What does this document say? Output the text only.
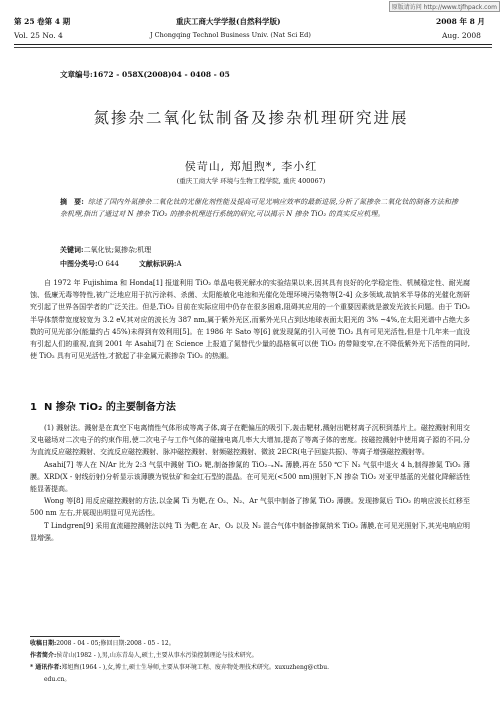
原版请访问 http://www.tjfhpack.com
第 25 卷第 4 期
Vol. 25 No. 4
重庆工商大学学报(自然科学版)
J Chongqing Technol Business Univ. (Nat Sci Ed)
2008 年 8 月
Aug. 2008
文章编号:1672 - 058X(2008)04 - 0408 - 05
氮掺杂二氧化钛制备及掺杂机理研究进展
侯苛山, 郑旭煦*, 李小红
(重庆工商大学 环境与生物工程学院, 重庆 400067)
摘　要: 综述了国内外氮掺杂二氧化钛的光催化剂性能及提高可见光响应效率的最新进展,分析了氮掺杂二氧化钛的制备方法和掺杂机理,指出了通过对 N 掺杂 TiO₂ 的掺杂机理进行系统的研究,可以揭示 N 掺杂 TiO₂ 的真实反应机理。
关键词:二氧化钛;氮掺杂;机理
中图分类号:O 644	文献标识码:A

自 1972 年 Fujishima 和 Honda[1] 报道利用 TiO₂ 单晶电极光解水的实验结果以来,因其具有良好的化学稳定性、机械稳定性、耐光腐蚀、低廉无毒等特性,被广泛地应用于抗污涂料、杀菌、太阳能敏化电池和光催化处理环境污染物等[2-4] 众多领域,故钠米半导体的光催化剂研究引起了世界各国学者的广泛关注。但是,TiO₂ 目前在实际应用中仍存在很多困难,阻碍其应用的一个重要因素就是激发光波长问题。由于 TiO₂ 半导体禁带宽度较宽为 3.2 eV,其对应的波长为 387 nm,属于紫外光区,而紫外光只占到达地球表面太阳光的 3% ~4%,在太阳光谱中占绝大多数的可见光部分(能量约占 45%)未得到有效利用[5]。在 1986 年 Sato 等[6] 就发现氮的引入可使 TiO₂ 具有可见光活性,但是十几年来一直没有引起人们的重视,直到 2001 年 Asahi[7] 在 Science 上报道了氮替代少量的晶格氧可以使 TiO₂ 的带隙变窄,在不降低紫外光下活性的同时,使 TiO₂ 具有可见光活性,才掀起了非金属元素掺杂 TiO₂ 的热潮。

1 N 掺杂 TiO₂ 的主要制备方法

(1) 溅射法。溅射是在真空下电离惰性气体形成等离子体,离子在靶偏压的吸引下,轰击靶材,溅射出靶材离子沉积到基片上。磁控溅射利用交叉电磁场对二次电子的约束作用,使二次电子与工作气体的碰撞电离几率大大增加,提高了等离子体的密度。按磁控溅射中使用离子源的不同,分为直流反应磁控溅射、交流反应磁控溅射、脉冲磁控溅射、射频磁控溅射、微波 2ECR(电子回旋共振)、等离子增强磁控溅射等。

Asahi[7] 等人在 N/Ar 比为 2:3 气氛中溅射 TiO₂ 靶,制备掺氮的 TiO₂₋ₓNₓ 薄膜,再在 550 ℃下 N₂ 气氛中退火 4 h,制得掺氮 TiO₂ 薄膜。XRD(X - 射线衍射)分析显示该薄膜为锐钛矿和金红石型的混晶。在可见光(<500 nm)照射下,N 掺杂 TiO₂ 对亚甲基蓝的光催化降解活性能显著提高。

Wong 等[8] 用反应磁控溅射的方法,以金属 Ti 为靶,在 O₂、N₂、Ar 气氛中制备了掺氮 TiO₂ 薄膜。发现掺氮后 TiO₂ 的响应波长红移至 500 nm 左右,并展现出明显可见光活性。

T Lindgren[9] 采用直流磁控溅射法以纯 Ti 为靶,在 Ar、O₂ 以及 N₂ 混合气体中制备掺氮纳米 TiO₂ 薄膜,在可见光照射下,其光电响应明显增强。

收稿日期:2008 - 04 - 05;修回日期:2008 - 05 - 12。
作者简介:侯苛山(1982 - ),男,山东青岛人,硕士,主要从事水污染控制理论与技术研究。
* 通讯作者:郑旭煦(1964 - ),女,博士,硕士生导师,主要从事环境工程、废弃物处理技术研究。xuxuzheng@ctbu.
edu.cn。
